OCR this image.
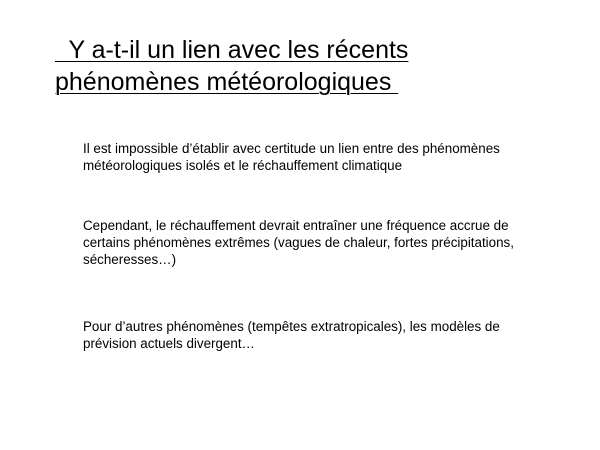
Y a-t-il un lien avec les récents
phénomènes météorologiques
Il est impossible d’établir avec certitude un lien entre des phénomènes météorologiques isolés et le réchauffement climatique
Cependant, le réchauffement devrait entraîner une fréquence accrue de certains phénomènes extrêmes (vagues de chaleur, fortes précipitations, sécheresses…)
Pour d’autres phénomènes (tempêtes extratropicales), les modèles de prévision actuels divergent…
